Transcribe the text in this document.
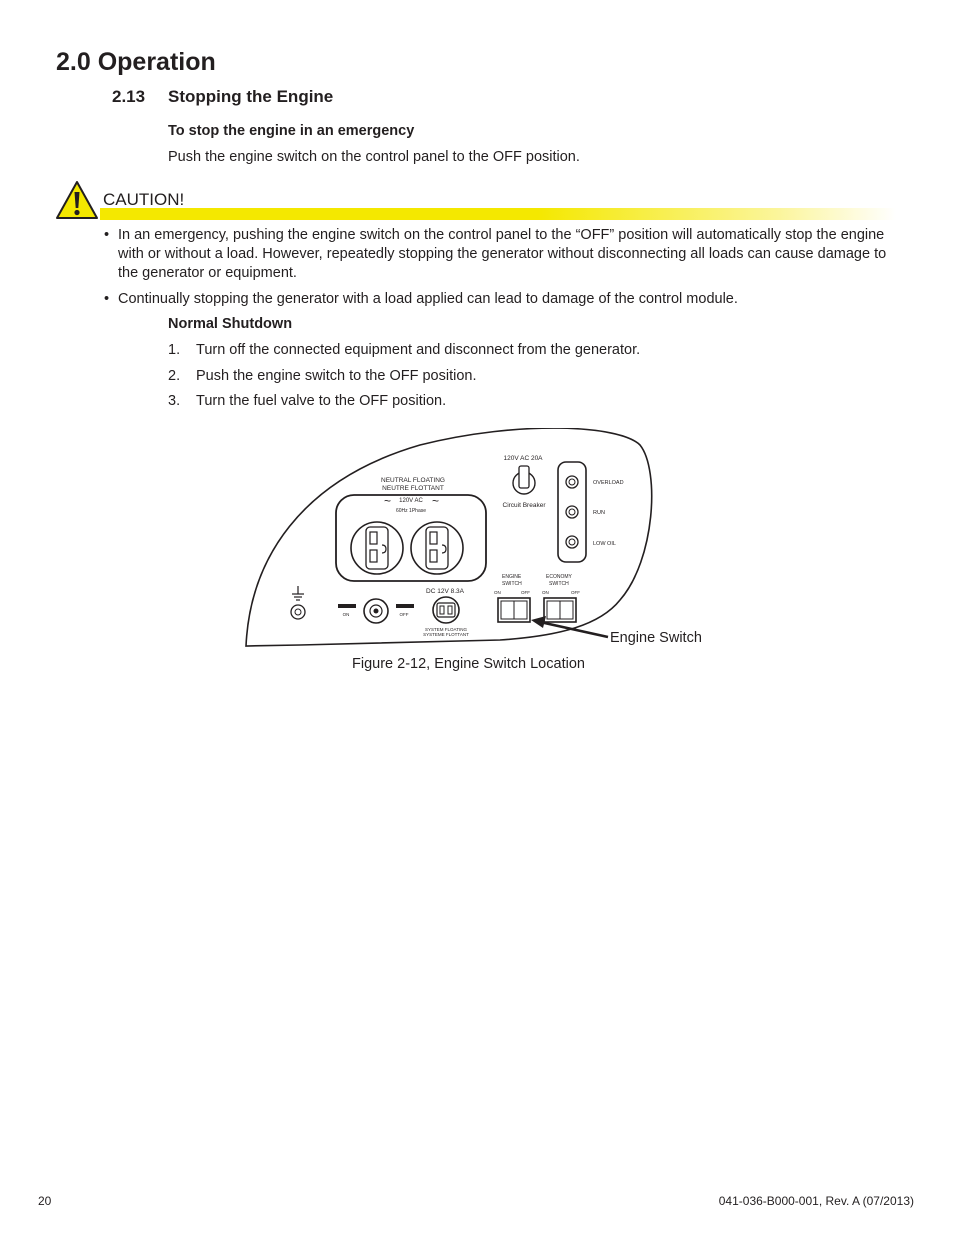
2.0 Operation
2.13 Stopping the Engine
To stop the engine in an emergency
Push the engine switch on the control panel to the OFF position.
CAUTION!
• In an emergency, pushing the engine switch on the control panel to the “OFF” position will automatically stop the engine with or without a load. However, repeatedly stopping the generator without disconnecting all loads can cause damage to the generator or equipment.
• Continually stopping the generator with a load applied can lead to damage of the control module.
Normal Shutdown
1. Turn off the connected equipment and disconnect from the generator.
2. Push the engine switch to the OFF position.
3. Turn the fuel valve to the OFF position.
NEUTRAL FLOATING
NEUTRE FLOTTANT
~	~
120V AC
60Hz 1Phase
120V AC 20A
Circuit Breaker
OVERLOAD
RUN
LOW OIL
ON	OFF
DC 12V 8.3A
SYSTEM FLOATING
SYSTEME FLOTTANT
ENGINE
SWITCH
ON	OFF
ECONOMY
SWITCH
ON	OFF
Engine Switch
Figure 2-12, Engine Switch Location
20	041-036-B000-001, Rev. A (07/2013)
